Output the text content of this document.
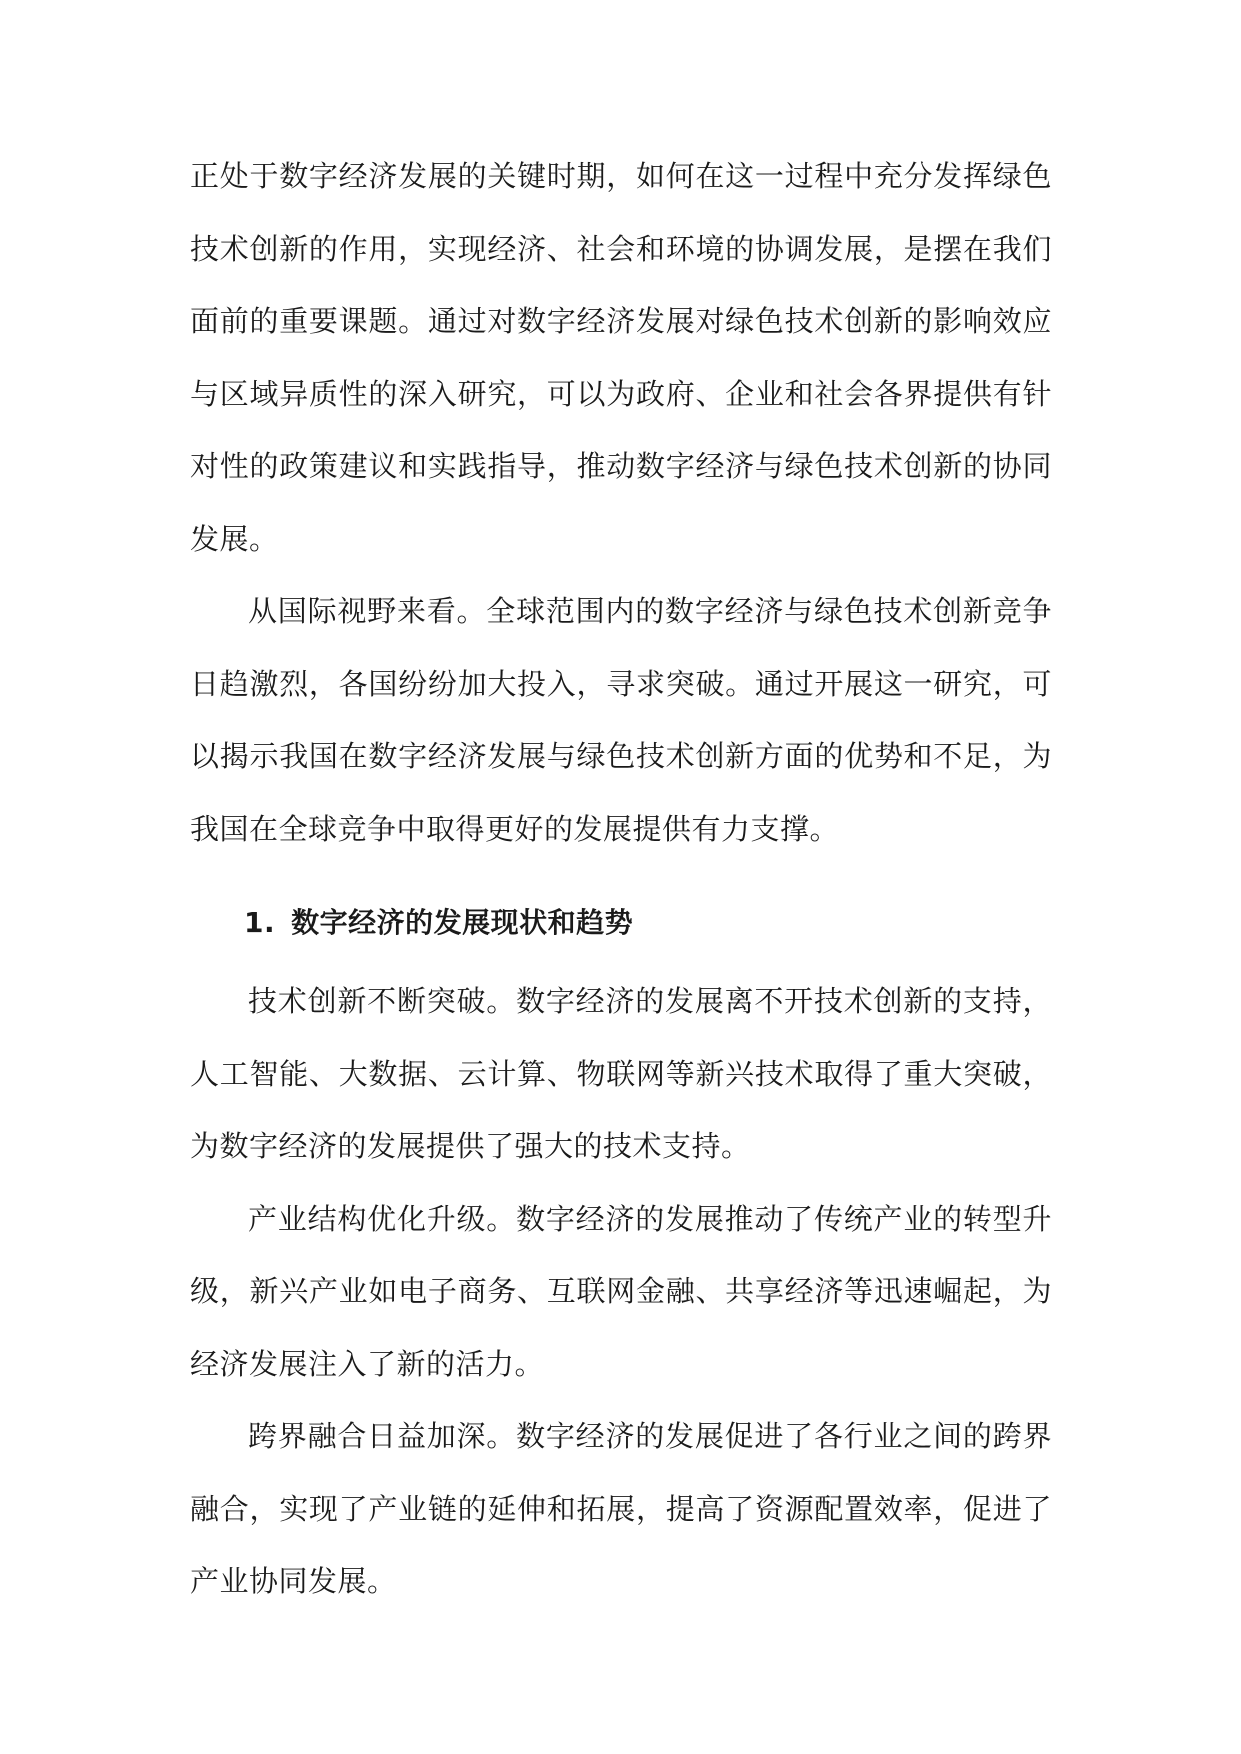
正处于数字经济发展的关键时期，如何在这一过程中充分发挥绿色技术创新的作用，实现经济、社会和环境的协调发展，是摆在我们面前的重要课题。通过对数字经济发展对绿色技术创新的影响效应与区域异质性的深入研究，可以为政府、企业和社会各界提供有针对性的政策建议和实践指导，推动数字经济与绿色技术创新的协同发展。

从国际视野来看。全球范围内的数字经济与绿色技术创新竞争日趋激烈，各国纷纷加大投入，寻求突破。通过开展这一研究，可以揭示我国在数字经济发展与绿色技术创新方面的优势和不足，为我国在全球竞争中取得更好的发展提供有力支撑。

1. 数字经济的发展现状和趋势

技术创新不断突破。数字经济的发展离不开技术创新的支持，人工智能、大数据、云计算、物联网等新兴技术取得了重大突破，为数字经济的发展提供了强大的技术支持。

产业结构优化升级。数字经济的发展推动了传统产业的转型升级，新兴产业如电子商务、互联网金融、共享经济等迅速崛起，为经济发展注入了新的活力。

跨界融合日益加深。数字经济的发展促进了各行业之间的跨界融合，实现了产业链的延伸和拓展，提高了资源配置效率，促进了产业协同发展。
